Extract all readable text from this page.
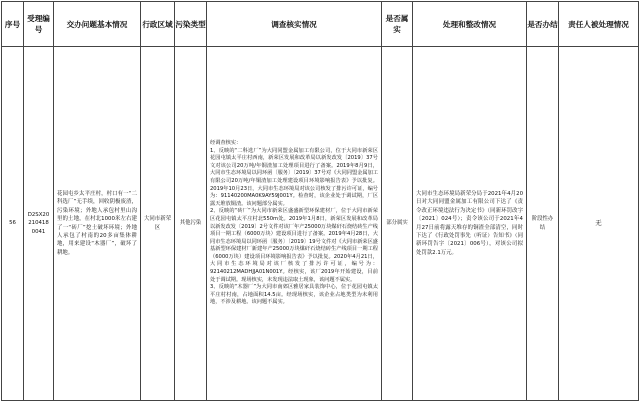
序号	受理编号	交办问题基本情况	行政区域	污染类型	调查核实情况	是否属实	处理和整改情况	是否办结	责任人被处理情况
56	D2SX202104180041	花园屯乡太平庄村，村口有一“二科选厂”无手续，回收阴极废渣，污染环境；外地人承包村里山沟里的土地，在村北1000米左右建了一“砖厂”挖土破坏环境；外地人承包了村南的20多亩集体耕地，用来建设“木器厂”，破坏了耕地。	大同市新荣区	其他污染	经调查核实：
1、反映的“二科选厂”为大同同盟金属加工有限公司，位于大同市新荣区花园屯镇太平庄村西南，新荣区发展和改革局以新发改发〔2019〕37号文对该公司20万吨/年铜渣加工处理项目进行了备案。2019年8月9日，大同市生态环境局以同环函〔服务〕〔2019〕37号对《大同同盟金属加工有限公司20万吨/年铜渣加工处理建设项目环境影响报告表》予以批复。2019年10月23日，大同市生态环境局对该公司核发了排污许可证，编号为：91140200MA0K9AY59J001Y。检查时，该企业处于调试期，厂区露天堆放铜渣。该问题部分属实。
2、反映的“砖厂”为大同市新荣区盛盛新型环保建材厂，位于大同市新荣区花园屯镇太平庄村北550m处。2019年1月8日，新荣区发展和改革局以新发改发〔2019〕2号文件对该厂年产25000万块煤矸石烧结砖生产线项目一期工程（6000万块）建设项目进行了备案。2019年4月28日，大同市生态环境局以同环函〔服务〕〔2019〕19号文件对《大同市新荣区盛基新型环保建材厂新建年产25000万块煤矸石烧结砖生产线项目一期工程（6000万块）建设项目环境影响报告表》予以批复。2020年4月21日，大同市生态环境局对该厂核发了排污许可证，编号为：92140212MADHJJA01N001Y。经核实，该厂2019年开始建设，目前处于调试期。现场核实，未发现违法取土现象，该问题不属实。
3、反映的“木器厂”为大同市南郊区雅居家具装饰中心，位于花园屯镇太平庄村村南，占地面积14.5亩。经现场核实，该企业占地类型为未利用地，不涉及耕地。该问题不属实。	部分属实	大同市生态环境局新荣分局于2021年4月20日对大同同盟金属加工有限公司下达了《责令改正环境违法行为决定书》（同新环罚改字〔2021〕024号）；责令该公司于2021年4月27日前将露天堆存的铜渣全部清空，同时下达了《行政处罚事先（听证）告知书》（同新环罚告字〔2021〕006号），对该公司拟处罚款2.1万元。	阶段性办结	无
